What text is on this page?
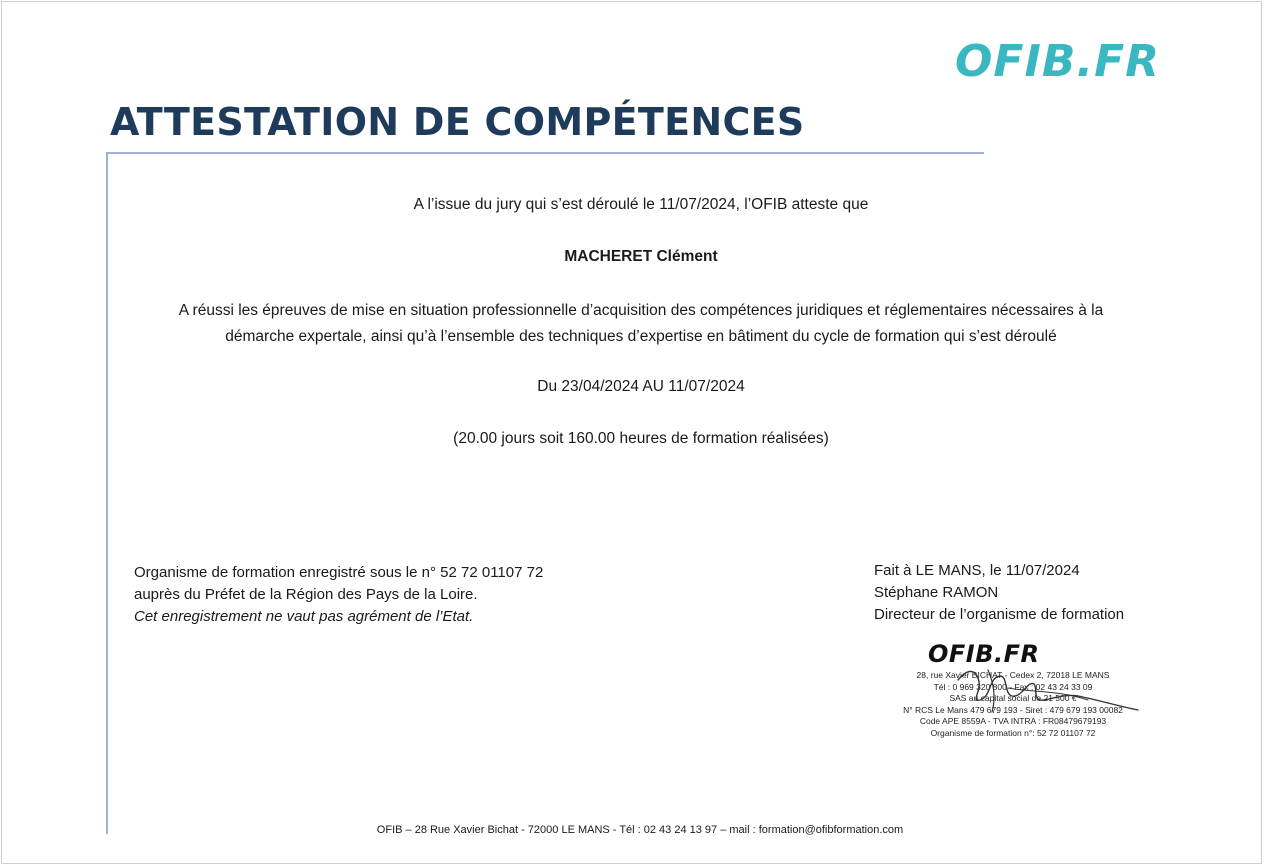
OFIB.FR
ATTESTATION DE COMPÉTENCES
A l’issue du jury qui s’est déroulé le 11/07/2024, l’OFIB atteste que
MACHERET Clément
A réussi les épreuves de mise en situation professionnelle d’acquisition des compétences juridiques et réglementaires nécessaires à la
démarche expertale, ainsi qu’à l’ensemble des techniques d’expertise en bâtiment du cycle de formation qui s’est déroulé
Du 23/04/2024 AU 11/07/2024
(20.00 jours soit 160.00 heures de formation réalisées)
Organisme de formation enregistré sous le n° 52 72 01107 72
auprès du Préfet de la Région des Pays de la Loire.
Cet enregistrement ne vaut pas agrément de l’Etat.
Fait à LE MANS, le 11/07/2024
Stéphane RAMON
Directeur de l’organisme de formation
OFIB.FR
28, rue Xavier BICHAT - Cedex 2, 72018 LE MANS
Tél : 0 969 320 800 - Fax : 02 43 24 33 09
SAS au capital social de 21 500 €
N° RCS Le Mans 479 679 193 - Siret : 479 679 193 00082
Code APE 8559A - TVA INTRA : FR08479679193
Organisme de formation n°: 52 72 01107 72
OFIB – 28 Rue Xavier Bichat - 72000 LE MANS - Tél : 02 43 24 13 97 – mail : formation@ofibformation.com
